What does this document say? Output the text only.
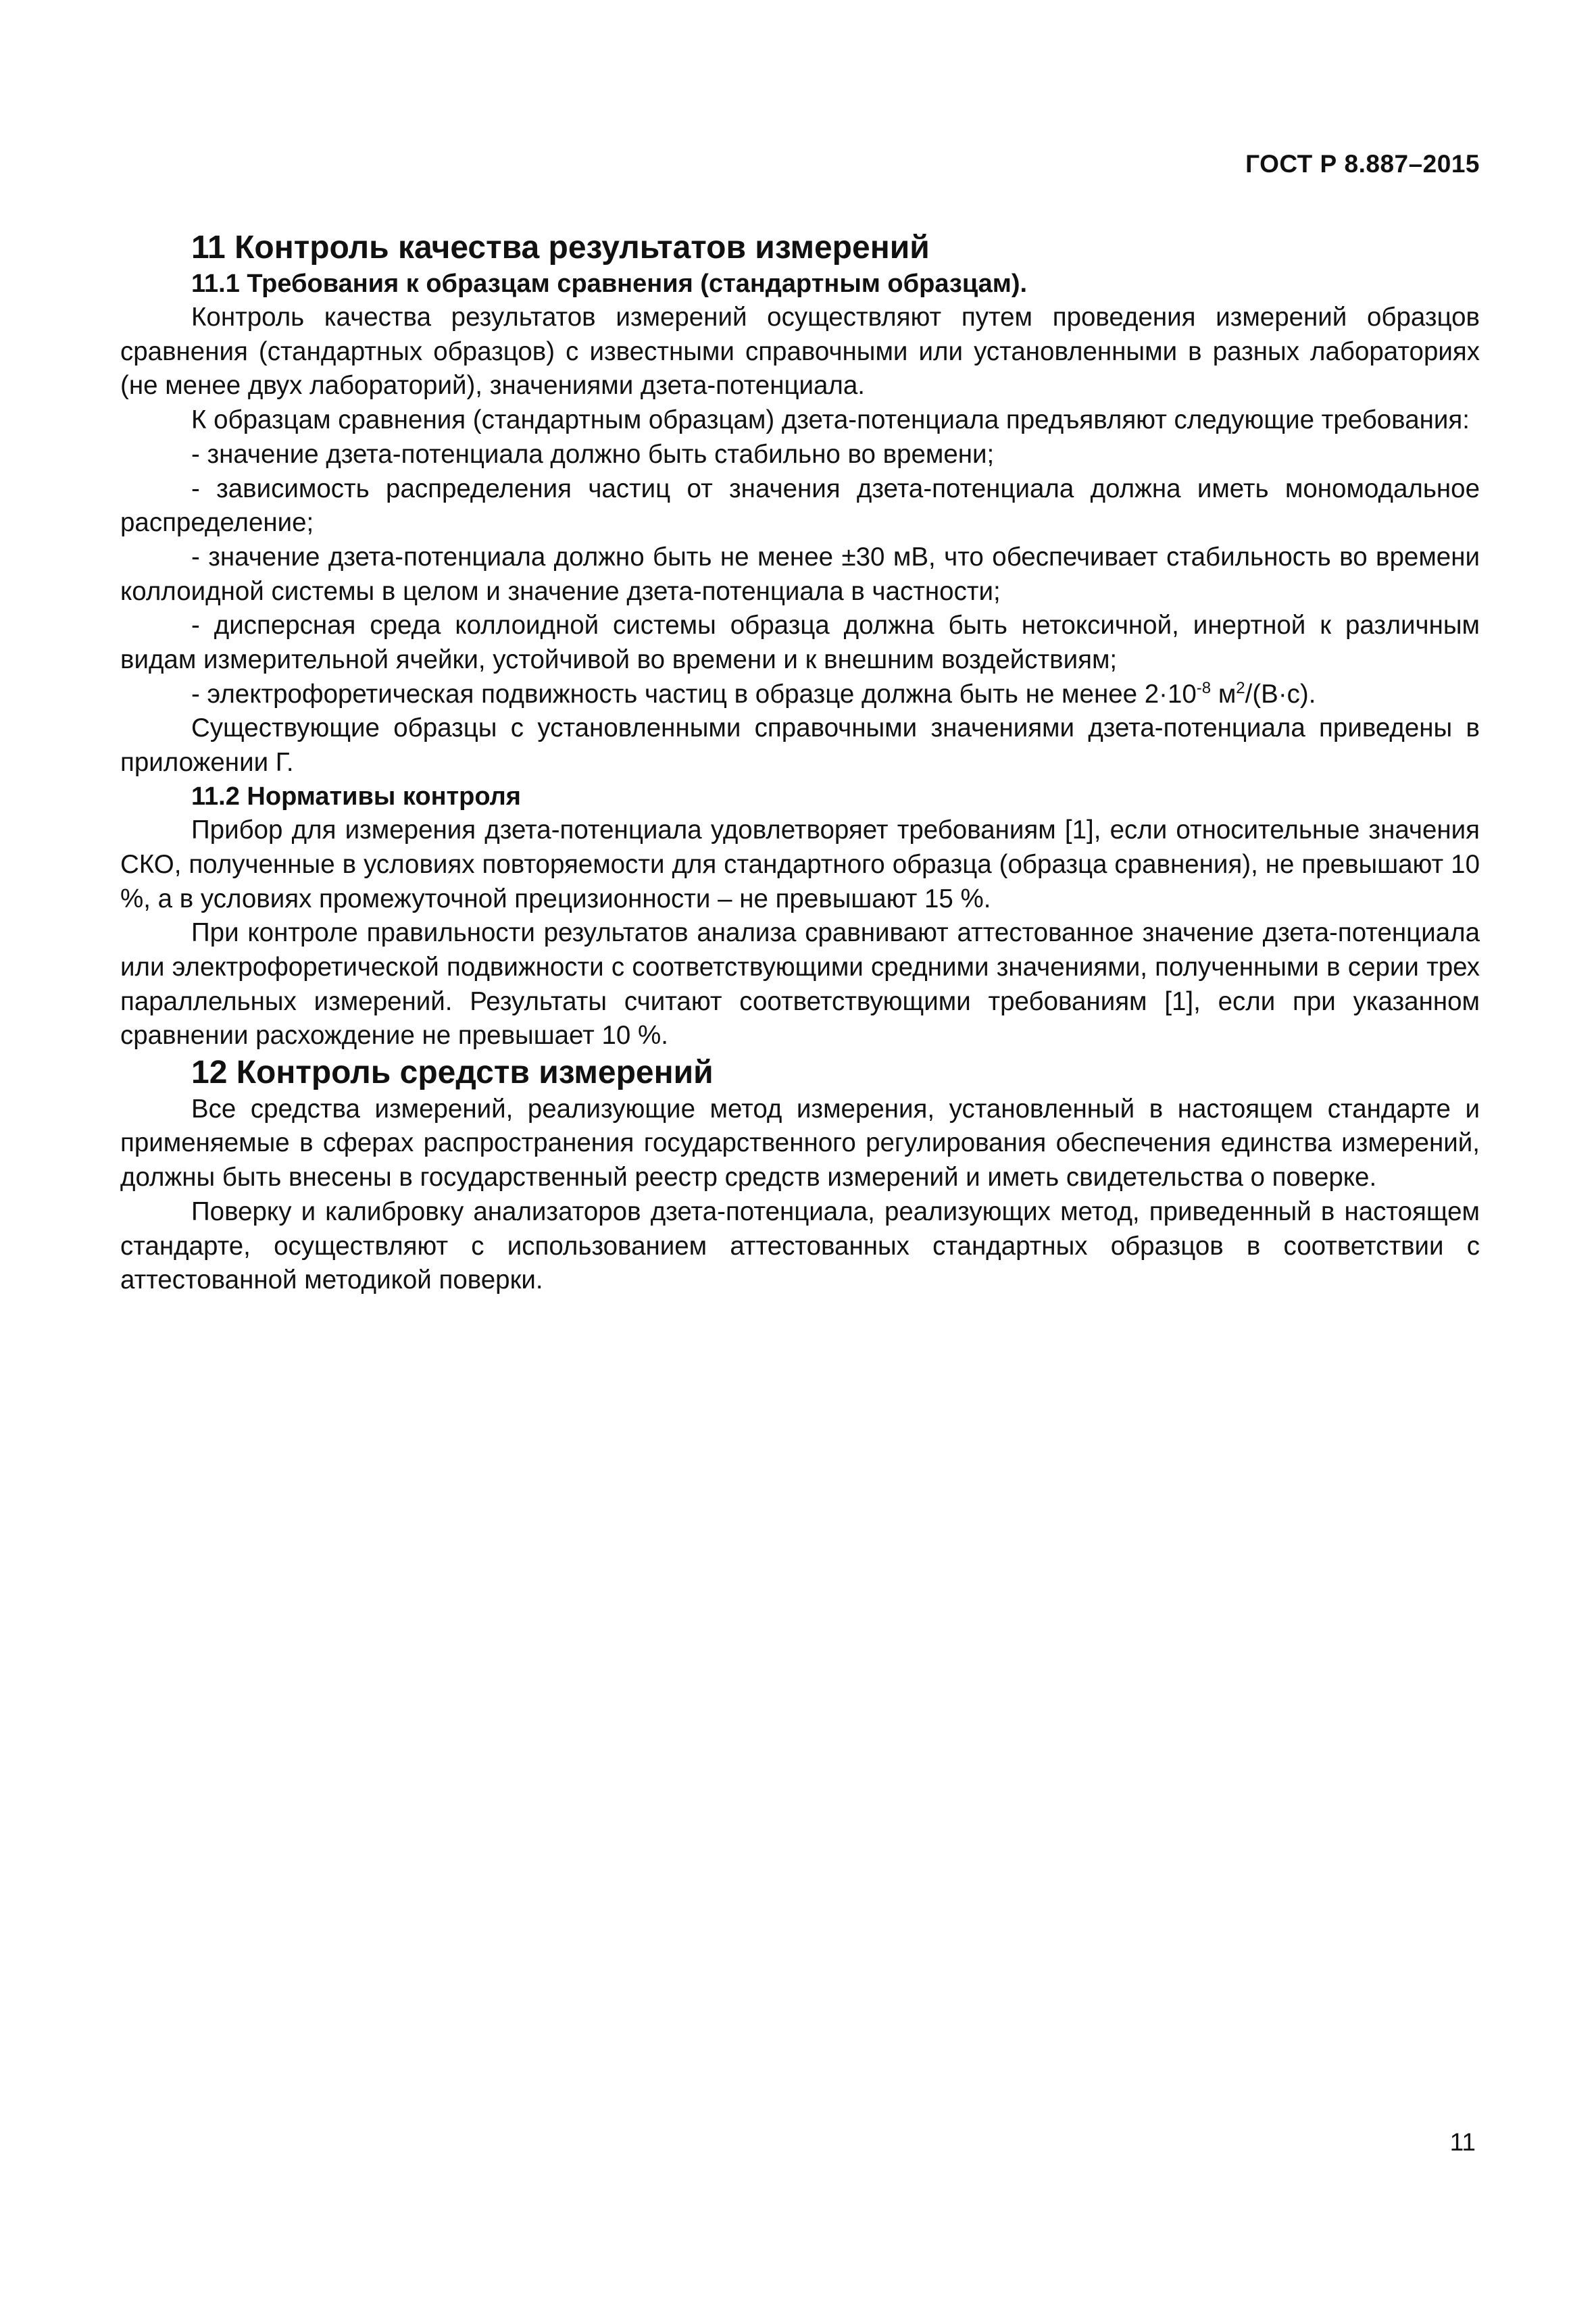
ГОСТ Р 8.887–2015
11 Контроль качества результатов измерений
11.1 Требования к образцам сравнения (стандартным образцам).

Контроль качества результатов измерений осуществляют путем проведения измерений образцов сравнения (стандартных образцов) с известными справочными или установленными в разных лабораториях (не менее двух лабораторий), значениями дзета-потенциала.

К образцам сравнения (стандартным образцам) дзета-потенциала предъявляют следующие требования:

- значение дзета-потенциала должно быть стабильно во времени;

- зависимость распределения частиц от значения дзета-потенциала должна иметь мономодальное распределение;

- значение дзета-потенциала должно быть не менее ±30 мВ, что обеспечивает стабильность во времени коллоидной системы в целом и значение дзета-потенциала в частности;

- дисперсная среда коллоидной системы образца должна быть нетоксичной, инертной к различным видам измерительной ячейки, устойчивой во времени и к внешним воздействиям;

- электрофоретическая подвижность частиц в образце должна быть не менее $2\cdot 10^{-8}$ $м^2/(В\cdot с)$.

Существующие образцы с установленными справочными значениями дзета-потенциала приведены в приложении Г.

11.2 Нормативы контроля

Прибор для измерения дзета-потенциала удовлетворяет требованиям [1], если относительные значения СКО, полученные в условиях повторяемости для стандартного образца (образца сравнения), не превышают 10 %, а в условиях промежуточной прецизионности – не превышают 15 %.

При контроле правильности результатов анализа сравнивают аттестованное значение дзета-потенциала или электрофоретической подвижности с соответствующими средними значениями, полученными в серии трех параллельных измерений. Результаты считают соответствующими требованиям [1], если при указанном сравнении расхождение не превышает 10 %.

12 Контроль средств измерений

Все средства измерений, реализующие метод измерения, установленный в настоящем стандарте и применяемые в сферах распространения государственного регулирования обеспечения единства измерений, должны быть внесены в государственный реестр средств измерений и иметь свидетельства о поверке.

Поверку и калибровку анализаторов дзета-потенциала, реализующих метод, приведенный в настоящем стандарте, осуществляют с использованием аттестованных стандартных образцов в соответствии с аттестованной методикой поверки.

11
